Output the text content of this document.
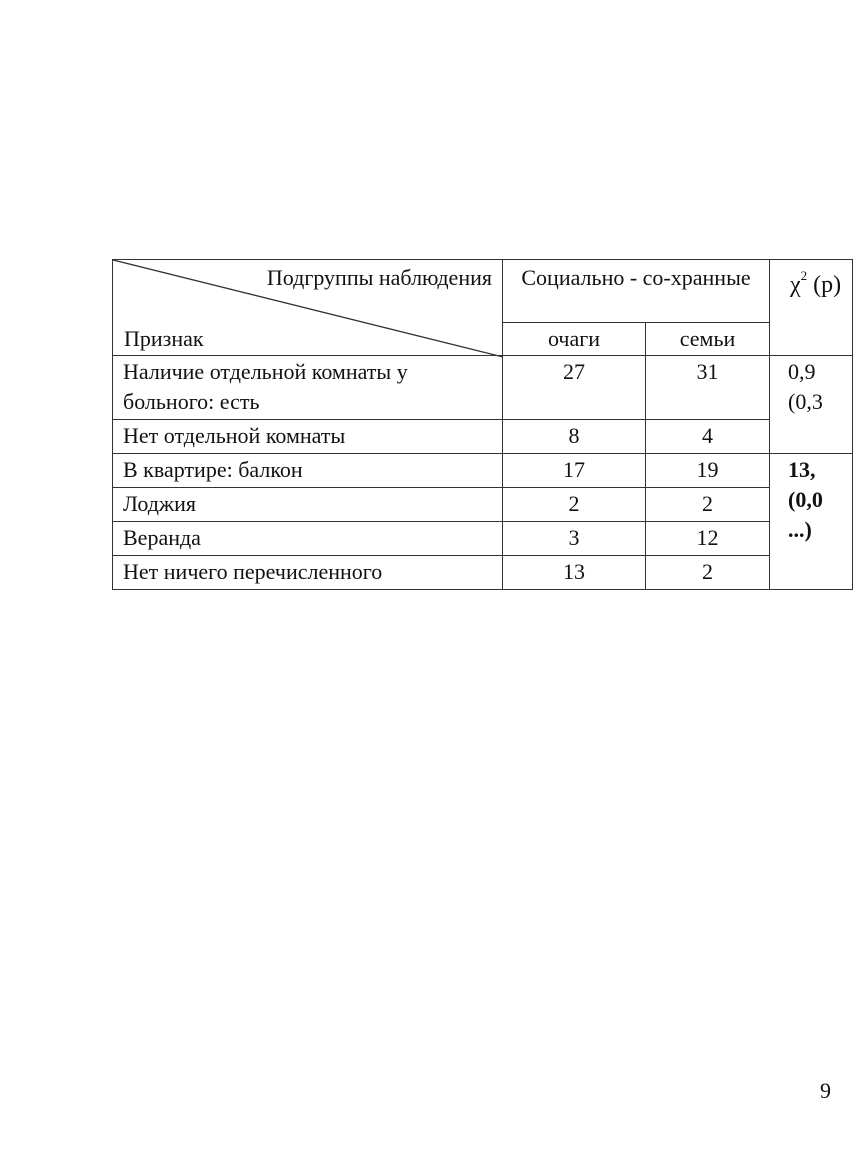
Подгруппы наблюдения
Признак	Социально - со-хранные		$\chi^2$ (р)
	очаги	семьи	
Наличие отдельной комнаты у больного: есть	27	31	0,9
(0,3

Нет отдельной комнаты	8	4	
В квартире: балкон	17	19	13,
(0,0
...)

Лоджия	2	2	
Веранда	3	12	
Нет ничего перечисленного	13	2	
9
